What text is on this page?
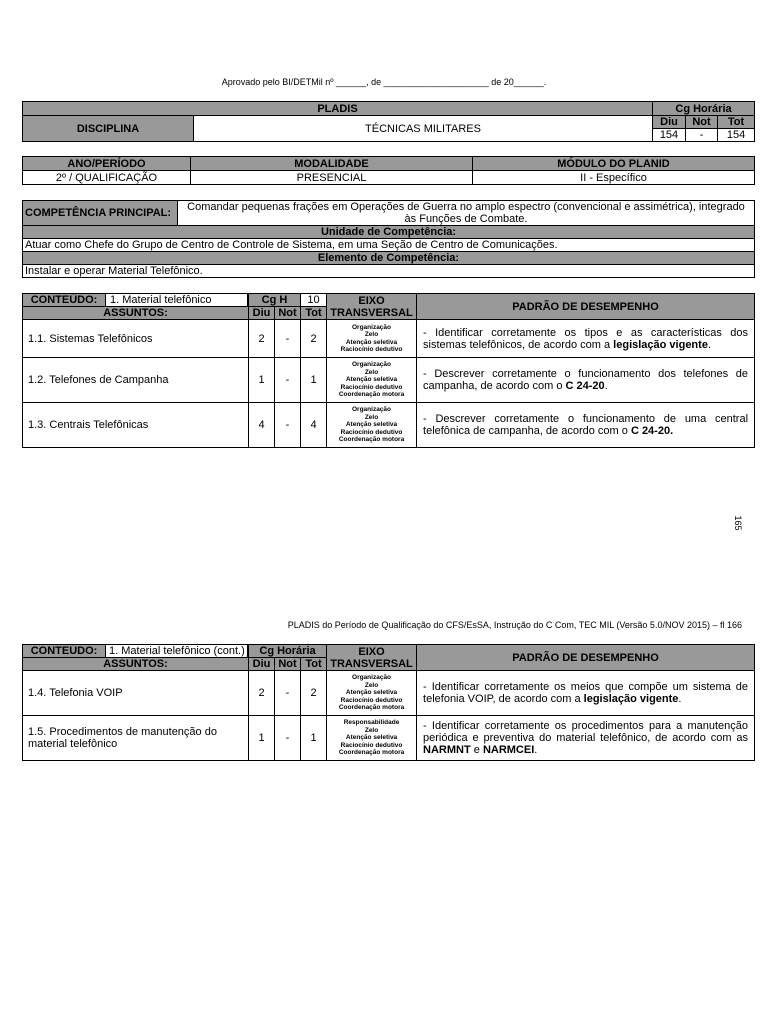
Aprovado pelo BI/DETMil nº ______, de _____________________ de 20______.
PLADIS		Cg Horária		
DISCIPLINA	TÉCNICAS MILITARES	Diu	Not	Tot
		154	-	154
ANO/PERÍODO	MODALIDADE	MÓDULO DO PLANID
2º / QUALIFICAÇÃO	PRESENCIAL	II - Específico
COMPETÊNCIA PRINCIPAL:	Comandar pequenas frações em Operações de Guerra no amplo espectro (convencional e assimétrica), integrado às Funções de Combate.
Unidade de Competência:
Atuar como Chefe do Grupo de Centro de Controle de Sistema, em uma Seção de Centro de Comunicações.
Elemento de Competência:
Instalar e operar Material Telefônico.
CONTEÚDO: 1. Material telefônico	Cg H		10	EIXO TRANSVERSAL	PADRÃO DE DESEMPENHO
ASSUNTOS:	Diu	Not	Tot		
1.1. Sistemas Telefônicos	2	-	2	Organização
Zelo
Atenção seletiva
Raciocínio dedutivo	- Identificar corretamente os tipos e as características dos sistemas telefônicos, de acordo com a legislação vigente.
1.2. Telefones de Campanha	1	-	1	Organização
Zelo
Atenção seletiva
Raciocínio dedutivo
Coordenação motora	- Descrever corretamente o funcionamento dos telefones de campanha, de acordo com o C 24-20.
1.3. Centrais Telefônicas	4	-	4	Organização
Zelo
Atenção seletiva
Raciocínio dedutivo
Coordenação motora	- Descrever corretamente o funcionamento de uma central telefônica de campanha, de acordo com o C 24-20.
165
PLADIS do Período de Qualificação do CFS/EsSA, Instrução do C Com, TEC MIL (Versão 5.0/NOV 2015) – fl 166
CONTEÚDO: 1. Material telefônico (cont.)	Cg Horária			EIXO TRANSVERSAL	PADRÃO DE DESEMPENHO
ASSUNTOS:	Diu	Not	Tot		
1.4. Telefonia VOIP	2	-	2	Organização
Zelo
Atenção seletiva
Raciocínio dedutivo
Coordenação motora	- Identificar corretamente os meios que compõe um sistema de telefonia VOIP, de acordo com a legislação vigente.
1.5. Procedimentos de manutenção do material telefônico	1	-	1	Responsabilidade
Zelo
Atenção seletiva
Raciocínio dedutivo
Coordenação motora	- Identificar corretamente os procedimentos para a manutenção periódica e preventiva do material telefônico, de acordo com as NARMNT e NARMCEI.
